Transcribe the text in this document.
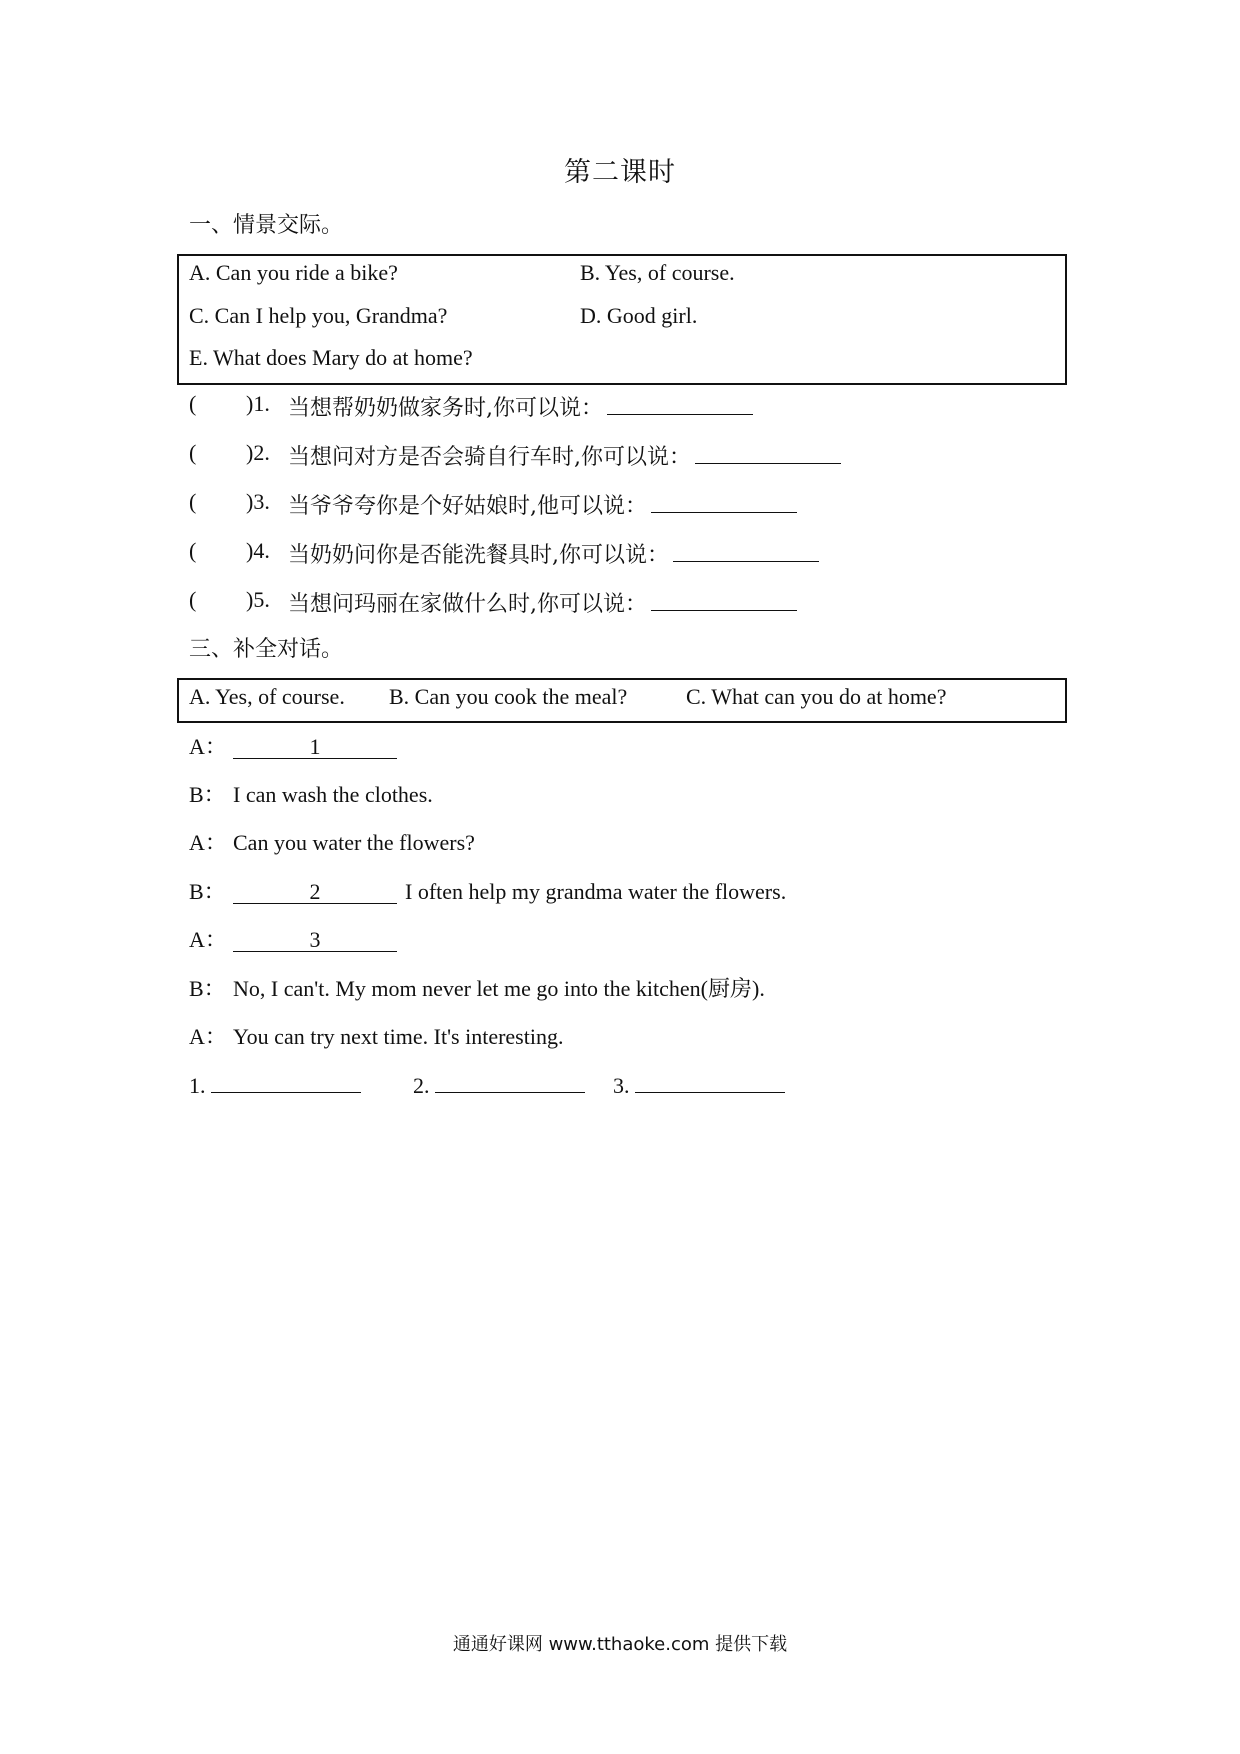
第二课时
一、情景交际。
A. Can you ride a bike?	B. Yes, of course.
C. Can I help you, Grandma?	D. Good girl.
E. What does Mary do at home?
( )1. 当想帮奶奶做家务时,你可以说：
( )2. 当想问对方是否会骑自行车时,你可以说：
( )3. 当爷爷夸你是个好姑娘时,他可以说：
( )4. 当奶奶问你是否能洗餐具时,你可以说：
( )5. 当想问玛丽在家做什么时,你可以说：
三、补全对话。
A. Yes, of course. B. Can you cook the meal?	C. What can you do at home?
A：	1
B： I can wash the clothes.
A： Can you water the flowers?
B：	2	I often help my grandma water the flowers.
A：	3
B： No, I can't. My mom never let me go into the kitchen(厨房).
A： You can try next time. It's interesting.
1.	2.	3.
通通好课网 www.tthaoke.com 提供下载
